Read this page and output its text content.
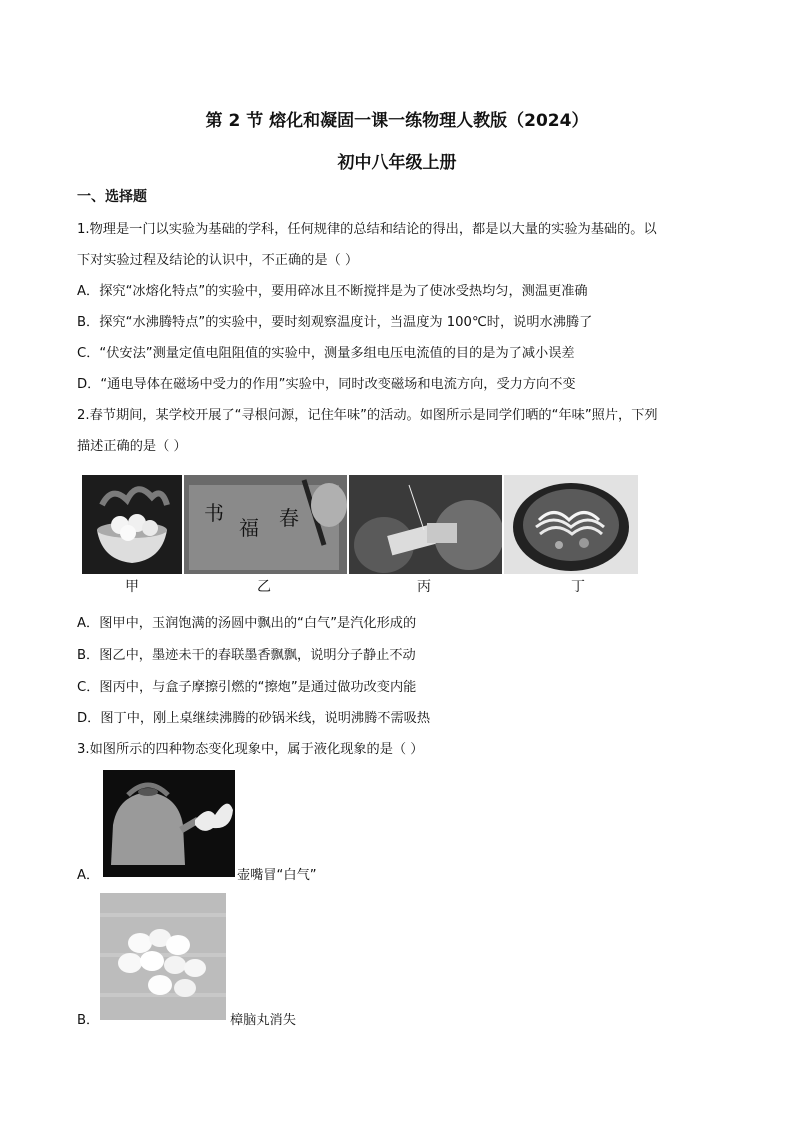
第 2 节 熔化和凝固一课一练物理人教版（2024）
初中八年级上册
一、选择题
1.物理是一门以实验为基础的学科，任何规律的总结和结论的得出，都是以大量的实验为基础的。以
下对实验过程及结论的认识中，不正确的是（ ）
A．探究“冰熔化特点”的实验中，要用碎冰且不断搅拌是为了使冰受热均匀，测温更准确
B．探究“水沸腾特点”的实验中，要时刻观察温度计，当温度为 100℃时，说明水沸腾了
C．“伏安法”测量定值电阻阻值的实验中，测量多组电压电流值的目的是为了减小误差
D．“通电导体在磁场中受力的作用”实验中，同时改变磁场和电流方向，受力方向不变
2.春节期间，某学校开展了“寻根问源，记住年味”的活动。如图所示是同学们晒的“年味”照片，下列
描述正确的是（ ）
书
福 春
甲	乙	丙	丁
A．图甲中，玉润饱满的汤圆中飘出的“白气”是汽化形成的
B．图乙中，墨迹未干的春联墨香飘飘，说明分子静止不动
C．图丙中，与盒子摩擦引燃的“擦炮”是通过做功改变内能
D．图丁中，刚上桌继续沸腾的砂锅米线，说明沸腾不需吸热
3.如图所示的四种物态变化现象中，属于液化现象的是（ ）
A．	壶嘴冒“白气”
B．	樟脑丸消失
